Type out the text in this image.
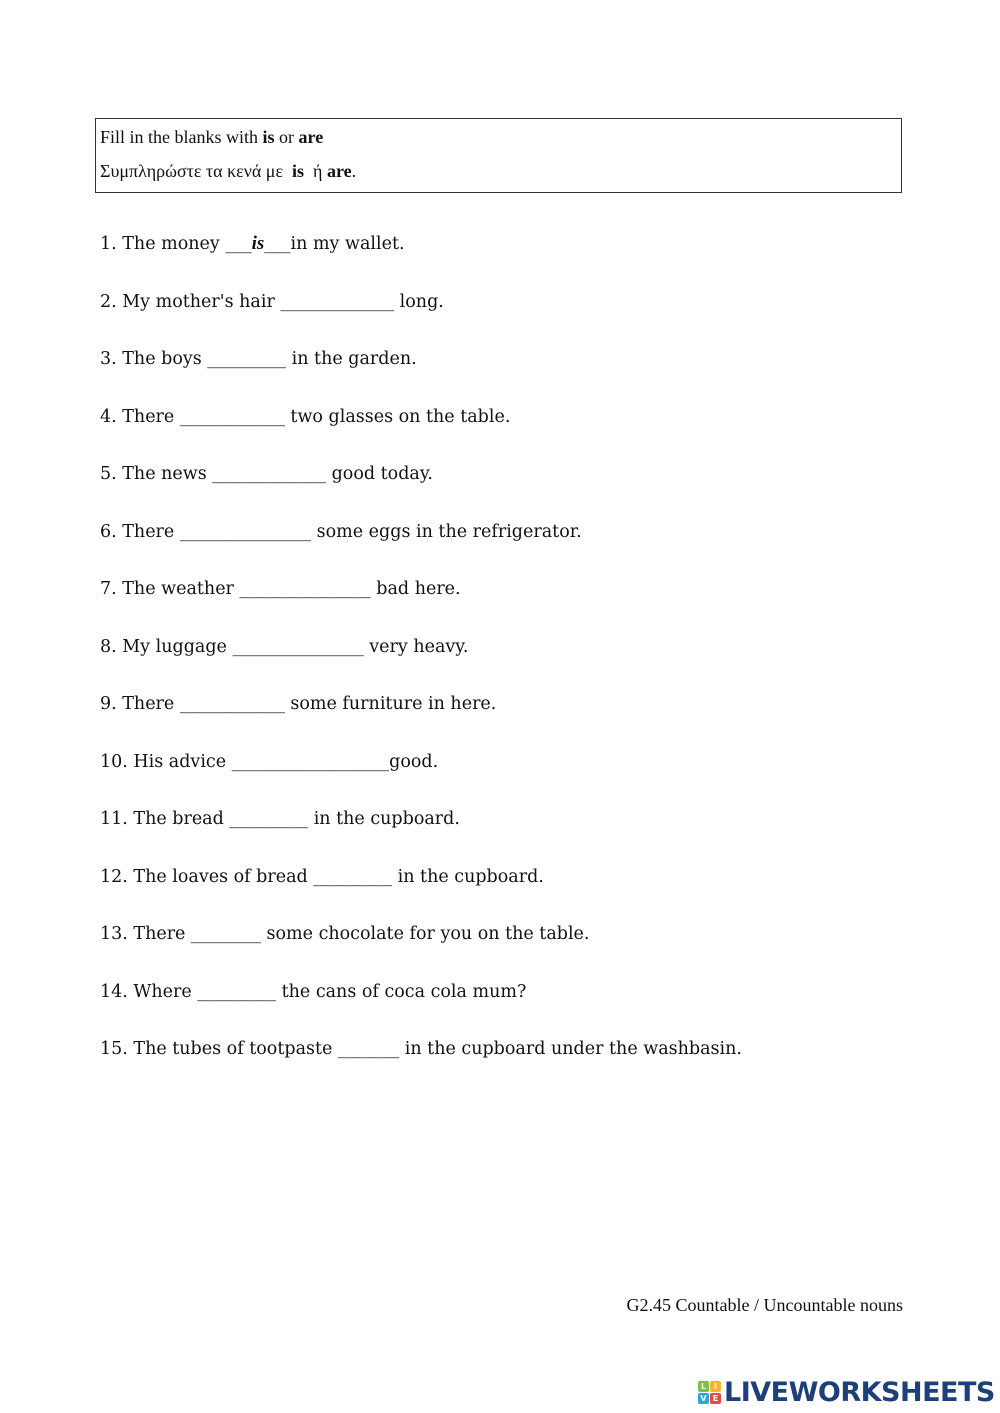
Fill in the blanks with is or are
Συμπληρώστε τα κενά με  is  ή are.
1. The money ___is___in my wallet.
2. My mother's hair _____________ long.
3. The boys _________ in the garden.
4. There ____________ two glasses on the table.
5. The news _____________ good today.
6. There _______________ some eggs in the refrigerator.
7. The weather _______________ bad here.
8. My luggage _______________ very heavy.
9. There ____________ some furniture in here.
10. His advice __________________good.
11. The bread _________ in the cupboard.
12. The loaves of bread _________ in the cupboard.
13. There ________ some chocolate for you on the table.
14. Where _________ the cans of coca cola mum?
15. The tubes of tootpaste _______ in the cupboard under the washbasin.
G2.45 Countable / Uncountable nouns
L I
V E LIVEWORKSHEETS
